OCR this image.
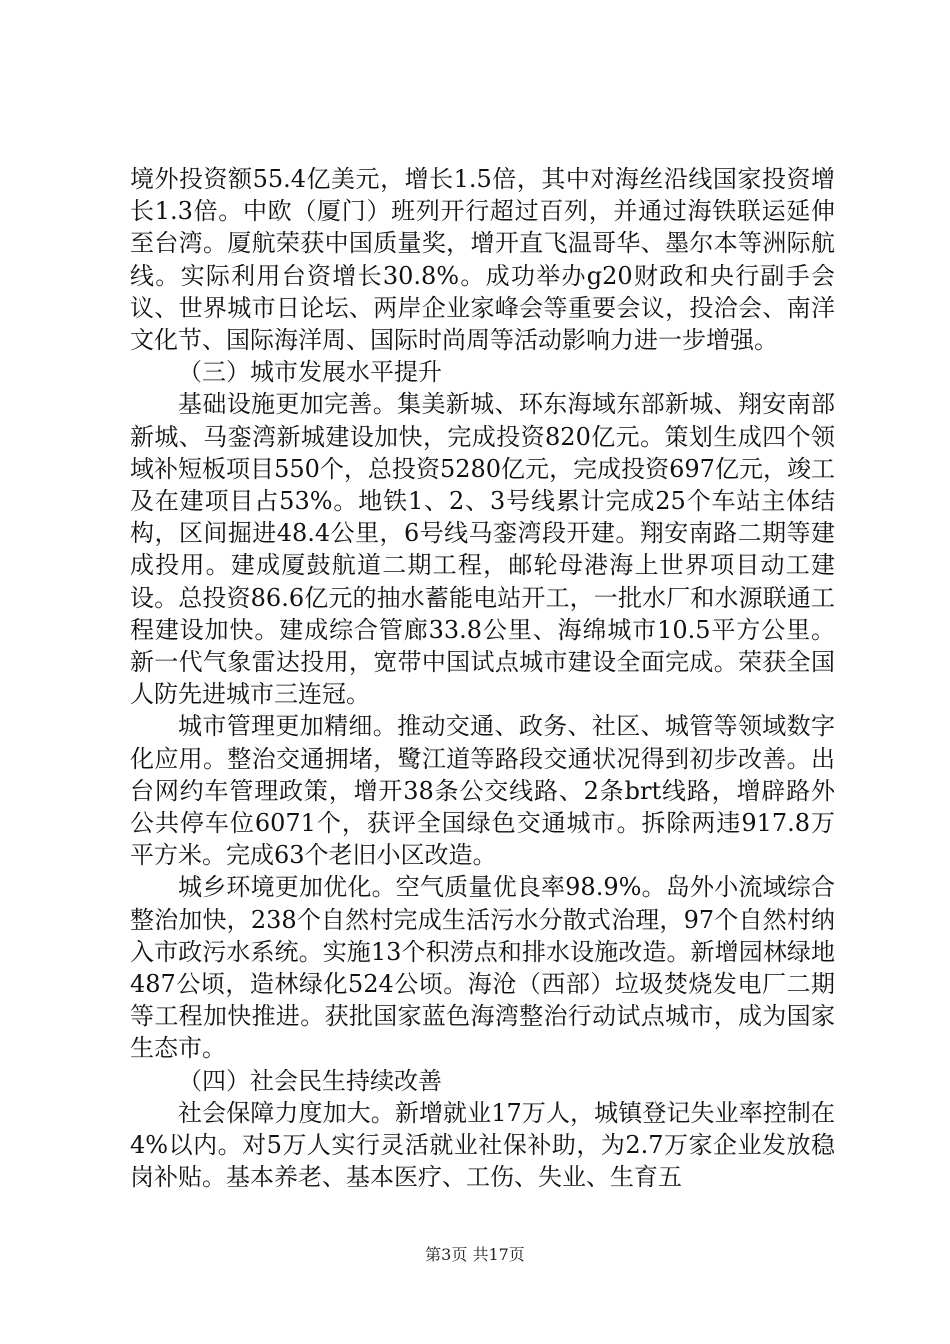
境外投资额55.4亿美元，增长1.5倍，其中对海丝沿线国家投资增长1.3倍。中欧（厦门）班列开行超过百列，并通过海铁联运延伸至台湾。厦航荣获中国质量奖，增开直飞温哥华、墨尔本等洲际航线。实际利用台资增长30.8%。成功举办g20财政和央行副手会议、世界城市日论坛、两岸企业家峰会等重要会议，投洽会、南洋文化节、国际海洋周、国际时尚周等活动影响力进一步增强。

（三）城市发展水平提升

基础设施更加完善。集美新城、环东海域东部新城、翔安南部新城、马銮湾新城建设加快，完成投资820亿元。策划生成四个领域补短板项目550个，总投资5280亿元，完成投资697亿元，竣工及在建项目占53%。地铁1、2、3号线累计完成25个车站主体结构，区间掘进48.4公里，6号线马銮湾段开建。翔安南路二期等建成投用。建成厦鼓航道二期工程，邮轮母港海上世界项目动工建设。总投资86.6亿元的抽水蓄能电站开工，一批水厂和水源联通工程建设加快。建成综合管廊33.8公里、海绵城市10.5平方公里。新一代气象雷达投用，宽带中国试点城市建设全面完成。荣获全国人防先进城市三连冠。

城市管理更加精细。推动交通、政务、社区、城管等领域数字化应用。整治交通拥堵，鹭江道等路段交通状况得到初步改善。出台网约车管理政策，增开38条公交线路、2条brt线路，增辟路外公共停车位6071个，获评全国绿色交通城市。拆除两违917.8万平方米。完成63个老旧小区改造。

城乡环境更加优化。空气质量优良率98.9%。岛外小流域综合整治加快，238个自然村完成生活污水分散式治理，97个自然村纳入市政污水系统。实施13个积涝点和排水设施改造。新增园林绿地487公顷，造林绿化524公顷。海沧（西部）垃圾焚烧发电厂二期等工程加快推进。获批国家蓝色海湾整治行动试点城市，成为国家生态市。

（四）社会民生持续改善

社会保障力度加大。新增就业17万人，城镇登记失业率控制在4%以内。对5万人实行灵活就业社保补助，为2.7万家企业发放稳岗补贴。基本养老、基本医疗、工伤、失业、生育五

第3页 共17页
